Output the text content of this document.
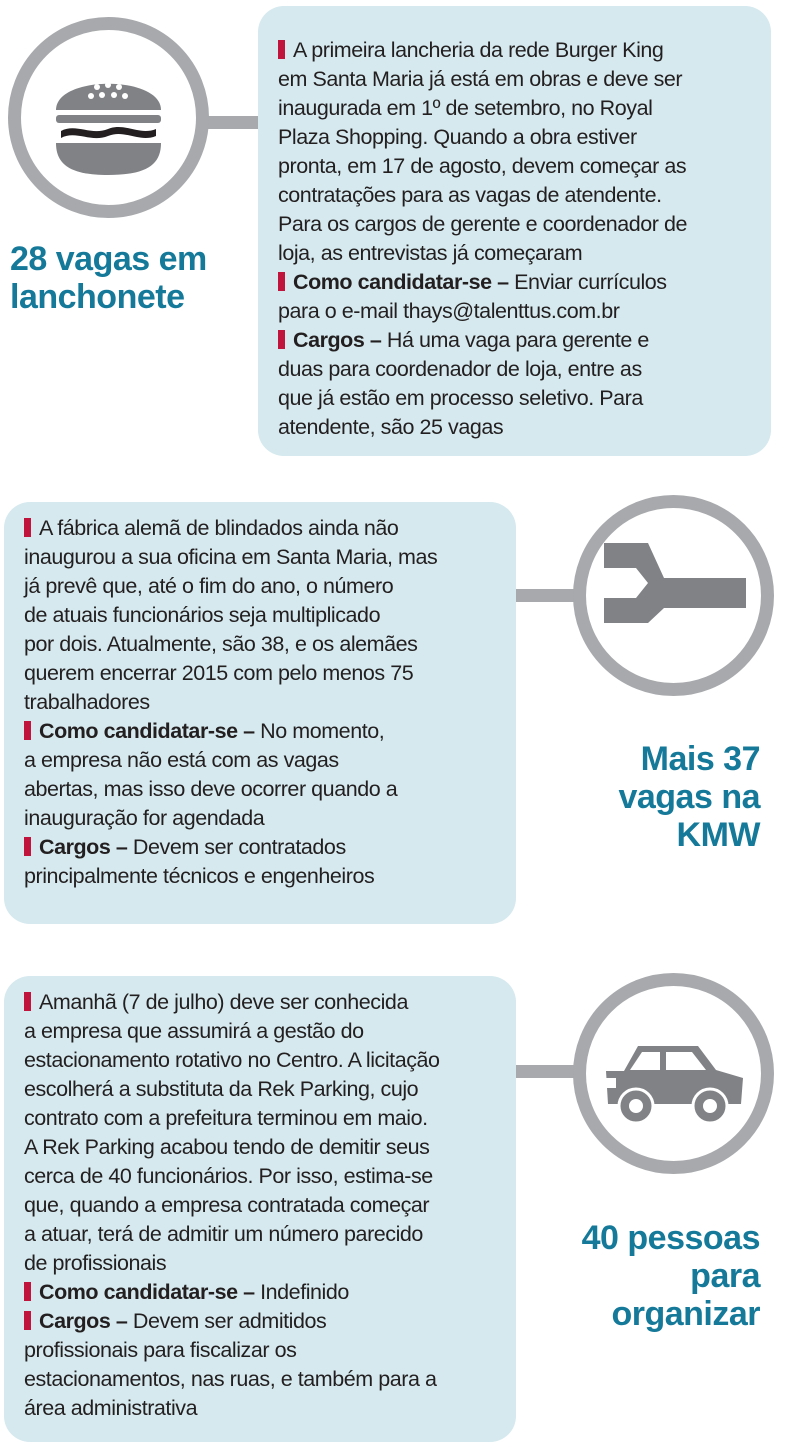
28 vagas em
lanchonete

A primeira lancheria da rede Burger King
em Santa Maria já está em obras e deve ser
inaugurada em 1º de setembro, no Royal
Plaza Shopping. Quando a obra estiver
pronta, em 17 de agosto, devem começar as
contratações para as vagas de atendente.
Para os cargos de gerente e coordenador de
loja, as entrevistas já começaram

Como candidatar-se – Enviar currículos
para o e-mail thays@talenttus.com.br

Cargos – Há uma vaga para gerente e
duas para coordenador de loja, entre as
que já estão em processo seletivo. Para
atendente, são 25 vagas

Mais 37
vagas na
KMW

A fábrica alemã de blindados ainda não
inaugurou a sua oficina em Santa Maria, mas
já prevê que, até o fim do ano, o número
de atuais funcionários seja multiplicado
por dois. Atualmente, são 38, e os alemães
querem encerrar 2015 com pelo menos 75
trabalhadores

Como candidatar-se – No momento,
a empresa não está com as vagas
abertas, mas isso deve ocorrer quando a
inauguração for agendada

Cargos – Devem ser contratados
principalmente técnicos e engenheiros

40 pessoas
para
organizar

Amanhã (7 de julho) deve ser conhecida
a empresa que assumirá a gestão do
estacionamento rotativo no Centro. A licitação
escolherá a substituta da Rek Parking, cujo
contrato com a prefeitura terminou em maio.
A Rek Parking acabou tendo de demitir seus
cerca de 40 funcionários. Por isso, estima-se
que, quando a empresa contratada começar
a atuar, terá de admitir um número parecido
de profissionais

Como candidatar-se – Indefinido

Cargos – Devem ser admitidos
profissionais para fiscalizar os
estacionamentos, nas ruas, e também para a
área administrativa
